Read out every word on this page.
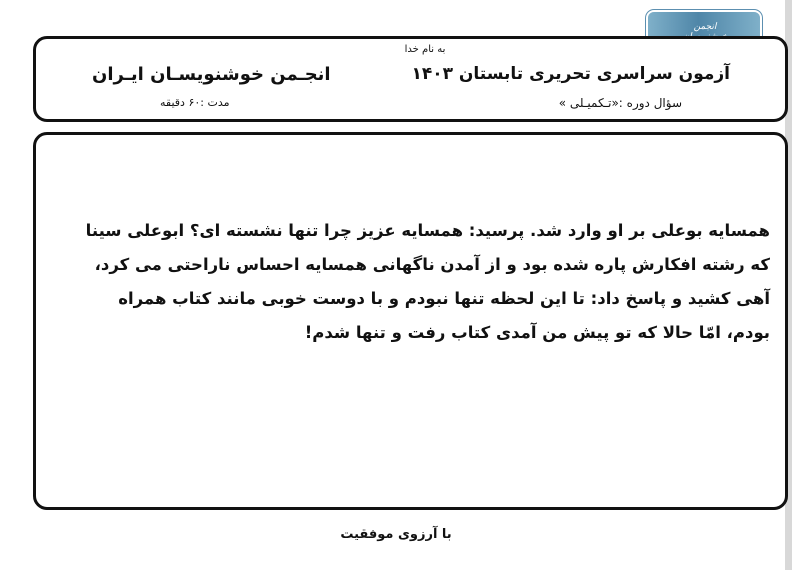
انجمن
به نام خدا
آزمون سراسری تحریری تابستان ۱۴۰۳
سؤال دوره :«تـکمیـلی »
انجـمن خوشنویسـان ایـران
مدت :۶۰ دقیقه
همسایه بوعلی بر او وارد شد. پرسید: همسایه عزیز چرا تنها نشسته ای؟ ابوعلی سینا
که رشته افکارش پاره شده بود و از آمدن ناگهانی همسایه احساس ناراحتی می کرد،
آهی کشید و پاسخ داد: تا این لحظه تنها نبودم و با دوست خوبی مانند کتاب همراه
بودم، امّا حالا که تو پیش من آمدی کتاب رفت و تنها شدم!
با آرزوی موفقیت
